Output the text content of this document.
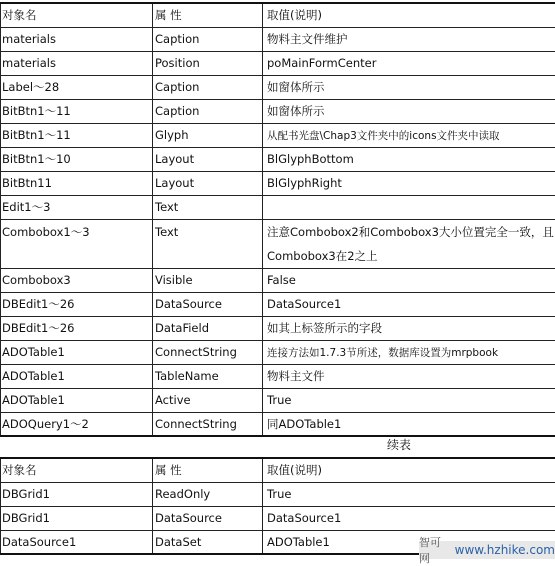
对象名	属 性	取值(说明)
materials	Caption	物料主文件维护
materials	Position	poMainFormCenter
Label～28	Caption	如窗体所示
BitBtn1～11	Caption	如窗体所示
BitBtn1～11	Glyph	从配书光盘\Chap3文件夹中的icons文件夹中读取
BitBtn1～10	Layout	BlGlyphBottom
BitBtn11	Layout	BlGlyphRight
Edit1～3	Text	
Combobox1～3	Text	注意Combobox2和Combobox3大小位置完全一致，且Combobox3在2之上
Combobox3	Visible	False
DBEdit1～26	DataSource	DataSource1
DBEdit1～26	DataField	如其上标签所示的字段
ADOTable1	ConnectString	连接方法如1.7.3节所述，数据库设置为mrpbook
ADOTable1	TableName	物料主文件
ADOTable1	Active	True
ADOQuery1～2	ConnectString	同ADOTable1
续表
对象名	属 性	取值(说明)
DBGrid1	ReadOnly	True
DBGrid1	DataSource	DataSource1
DataSource1	DataSet	ADOTable1	智可网
www.hzhike.com
